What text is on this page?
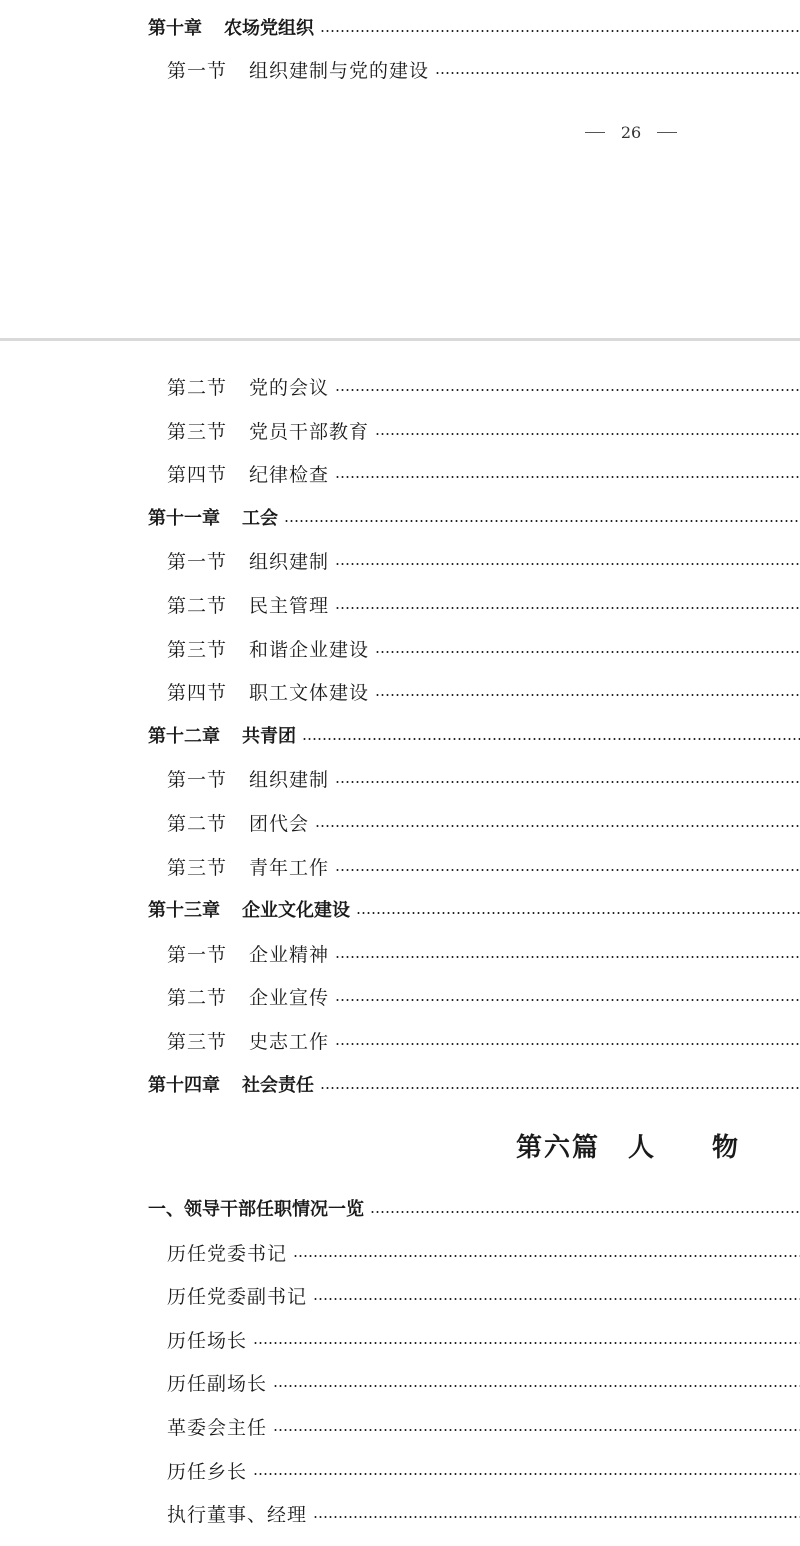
第十章 农场党组织
第一节 组织建制与党的建设
26
第二节 党的会议
第三节 党员干部教育
第四节 纪律检查
第十一章 工会
第一节 组织建制
第二节 民主管理
第三节 和谐企业建设
第四节 职工文体建设
第十二章 共青团
第一节 组织建制
第二节 团代会
第三节 青年工作
第十三章 企业文化建设
第一节 企业精神
第二节 企业宣传
第三节 史志工作
第十四章 社会责任
第六篇　人　　物
一、领导干部任职情况一览
历任党委书记
历任党委副书记
历任场长
历任副场长
革委会主任
历任乡长
执行董事、经理
